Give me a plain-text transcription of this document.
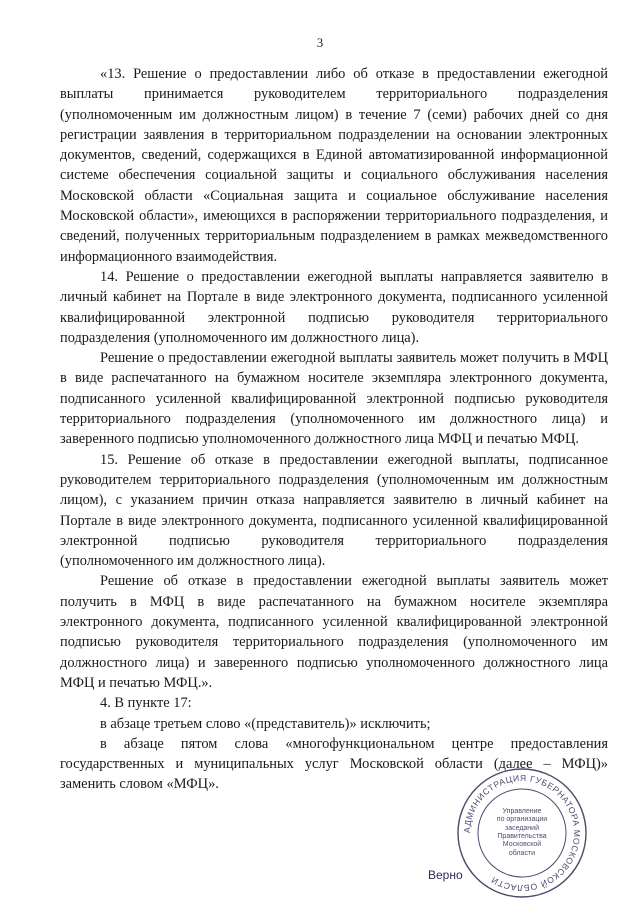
3

«13. Решение о предоставлении либо об отказе в предоставлении ежегодной выплаты принимается руководителем территориального подразделения (уполномоченным им должностным лицом) в течение 7 (семи) рабочих дней со дня регистрации заявления в территориальном подразделении на основании электронных документов, сведений, содержащихся в Единой автоматизированной информационной системе обеспечения социальной защиты и социального обслуживания населения Московской области «Социальная защита и социальное обслуживание населения Московской области», имеющихся в распоряжении территориального подразделения, и сведений, полученных территориальным подразделением в рамках межведомственного информационного взаимодействия.

14. Решение о предоставлении ежегодной выплаты направляется заявителю в личный кабинет на Портале в виде электронного документа, подписанного усиленной квалифицированной электронной подписью руководителя территориального подразделения (уполномоченного им должностного лица).

Решение о предоставлении ежегодной выплаты заявитель может получить в МФЦ в виде распечатанного на бумажном носителе экземпляра электронного документа, подписанного усиленной квалифицированной электронной подписью руководителя территориального подразделения (уполномоченного им должностного лица) и заверенного подписью уполномоченного должностного лица МФЦ и печатью МФЦ.

15. Решение об отказе в предоставлении ежегодной выплаты, подписанное руководителем территориального подразделения (уполномоченным им должностным лицом), с указанием причин отказа направляется заявителю в личный кабинет на Портале в виде электронного документа, подписанного усиленной квалифицированной электронной подписью руководителя территориального подразделения (уполномоченного им должностного лица).

Решение об отказе в предоставлении ежегодной выплаты заявитель может получить в МФЦ в виде распечатанного на бумажном носителе экземпляра электронного документа, подписанного усиленной квалифицированной электронной подписью руководителя территориального подразделения (уполномоченного им должностного лица) и заверенного подписью уполномоченного должностного лица МФЦ и печатью МФЦ.».

4. В пункте 17:

в абзаце третьем слово «(представитель)» исключить;

в абзаце пятом слова «многофункциональном центре предоставления государственных и муниципальных услуг Московской области (далее – МФЦ)» заменить словом «МФЦ».

АДМИНИСТРАЦИЯ ГУБЕРНАТОРА МОСКОВСКОЙ ОБЛАСТИ
Управление
по организации
заседаний
Правительства
Московской
области
Верно
